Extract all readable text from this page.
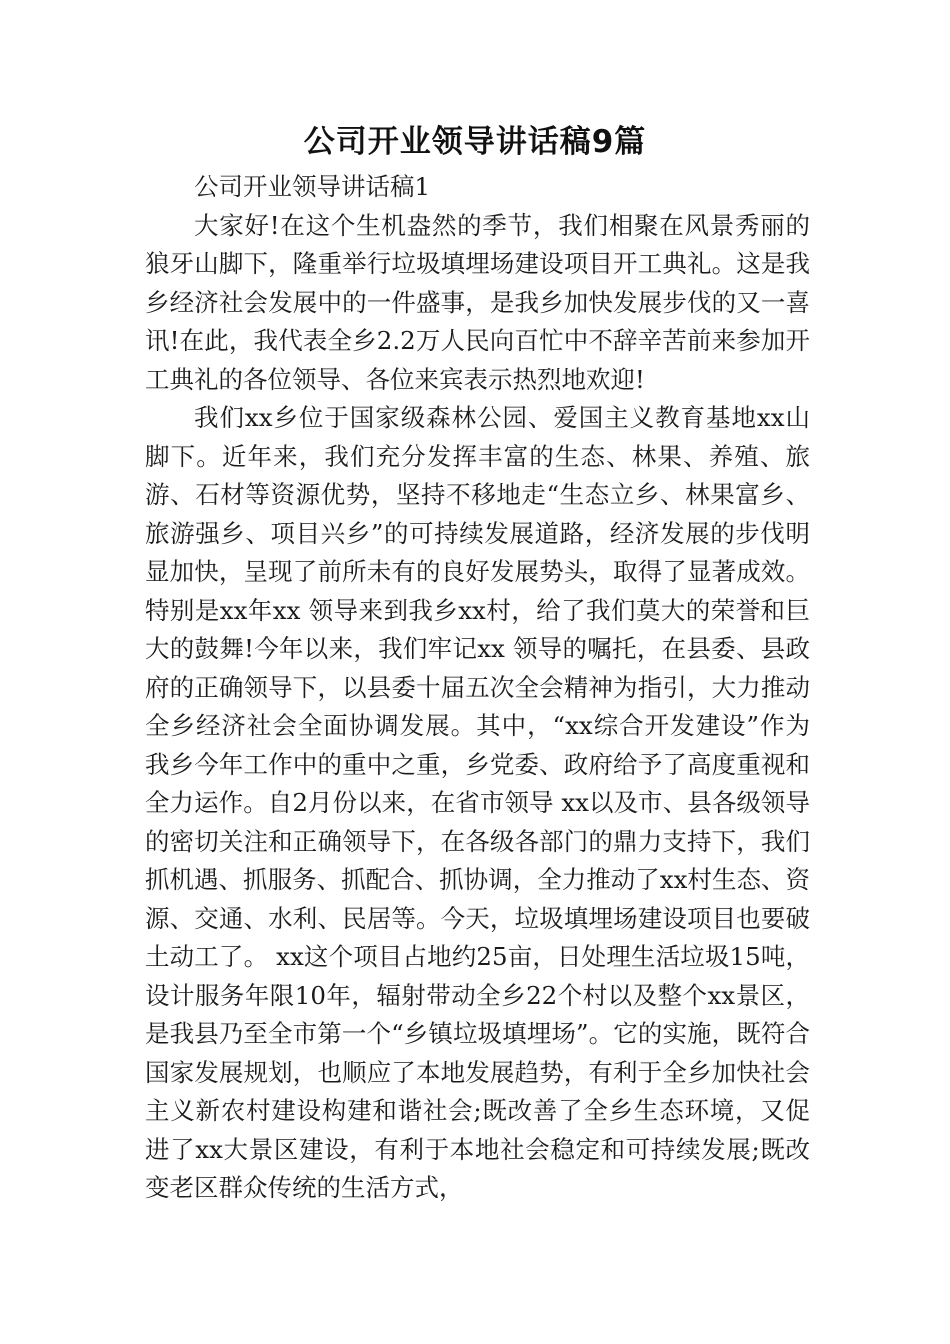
公司开业领导讲话稿9篇

公司开业领导讲话稿1

大家好!在这个生机盎然的季节，我们相聚在风景秀丽的狼牙山脚下，隆重举行垃圾填埋场建设项目开工典礼。这是我乡经济社会发展中的一件盛事，是我乡加快发展步伐的又一喜讯!在此，我代表全乡2.2万人民向百忙中不辞辛苦前来参加开工典礼的各位领导、各位来宾表示热烈地欢迎!

我们xx乡位于国家级森林公园、爱国主义教育基地xx山脚下。近年来，我们充分发挥丰富的生态、林果、养殖、旅游、石材等资源优势，坚持不移地走“生态立乡、林果富乡、旅游强乡、项目兴乡”的可持续发展道路，经济发展的步伐明显加快，呈现了前所未有的良好发展势头，取得了显著成效。特别是xx年xx 领导来到我乡xx村，给了我们莫大的荣誉和巨大的鼓舞!今年以来，我们牢记xx 领导的嘱托，在县委、县政府的正确领导下，以县委十届五次全会精神为指引，大力推动全乡经济社会全面协调发展。其中，“xx综合开发建设”作为我乡今年工作中的重中之重，乡党委、政府给予了高度重视和全力运作。自2月份以来，在省市领导 xx以及市、县各级领导的密切关注和正确领导下，在各级各部门的鼎力支持下，我们抓机遇、抓服务、抓配合、抓协调，全力推动了xx村生态、资源、交通、水利、民居等。今天，垃圾填埋场建设项目也要破土动工了。 xx这个项目占地约25亩，日处理生活垃圾15吨，设计服务年限10年，辐射带动全乡22个村以及整个xx景区，是我县乃至全市第一个“乡镇垃圾填埋场”。它的实施，既符合国家发展规划，也顺应了本地发展趋势，有利于全乡加快社会主义新农村建设构建和谐社会;既改善了全乡生态环境，又促进了xx大景区建设，有利于本地社会稳定和可持续发展;既改变老区群众传统的生活方式，
